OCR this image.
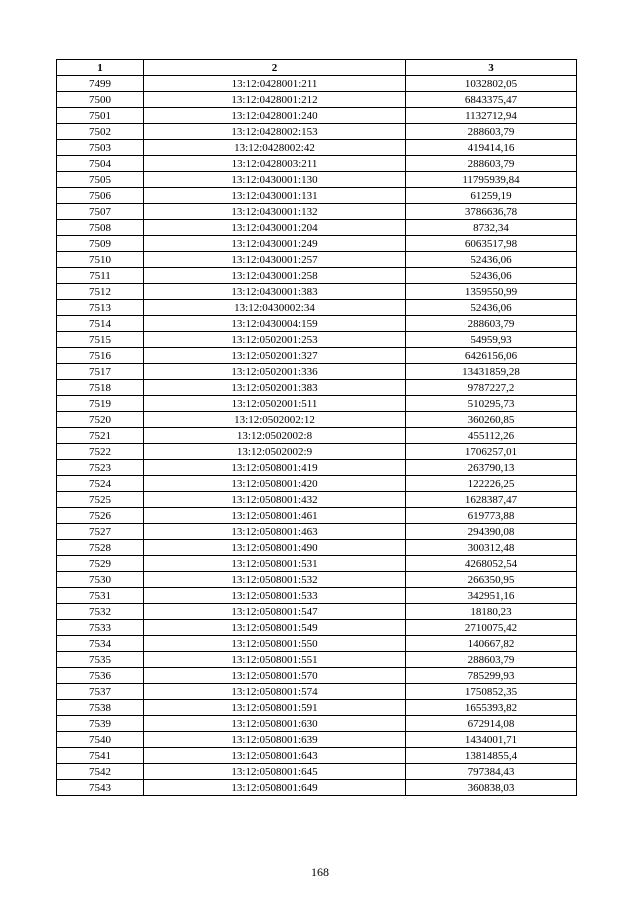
1	2	3
7499	13:12:0428001:211	1032802,05
7500	13:12:0428001:212	6843375,47
7501	13:12:0428001:240	1132712,94
7502	13:12:0428002:153	288603,79
7503	13:12:0428002:42	419414,16
7504	13:12:0428003:211	288603,79
7505	13:12:0430001:130	11795939,84
7506	13:12:0430001:131	61259,19
7507	13:12:0430001:132	3786636,78
7508	13:12:0430001:204	8732,34
7509	13:12:0430001:249	6063517,98
7510	13:12:0430001:257	52436,06
7511	13:12:0430001:258	52436,06
7512	13:12:0430001:383	1359550,99
7513	13:12:0430002:34	52436,06
7514	13:12:0430004:159	288603,79
7515	13:12:0502001:253	54959,93
7516	13:12:0502001:327	6426156,06
7517	13:12:0502001:336	13431859,28
7518	13:12:0502001:383	9787227,2
7519	13:12:0502001:511	510295,73
7520	13:12:0502002:12	360260,85
7521	13:12:0502002:8	455112,26
7522	13:12:0502002:9	1706257,01
7523	13:12:0508001:419	263790,13
7524	13:12:0508001:420	122226,25
7525	13:12:0508001:432	1628387,47
7526	13:12:0508001:461	619773,88
7527	13:12:0508001:463	294390,08
7528	13:12:0508001:490	300312,48
7529	13:12:0508001:531	4268052,54
7530	13:12:0508001:532	266350,95
7531	13:12:0508001:533	342951,16
7532	13:12:0508001:547	18180,23
7533	13:12:0508001:549	2710075,42
7534	13:12:0508001:550	140667,82
7535	13:12:0508001:551	288603,79
7536	13:12:0508001:570	785299,93
7537	13:12:0508001:574	1750852,35
7538	13:12:0508001:591	1655393,82
7539	13:12:0508001:630	672914,08
7540	13:12:0508001:639	1434001,71
7541	13:12:0508001:643	13814855,4
7542	13:12:0508001:645	797384,43
7543	13:12:0508001:649	360838,03
168
